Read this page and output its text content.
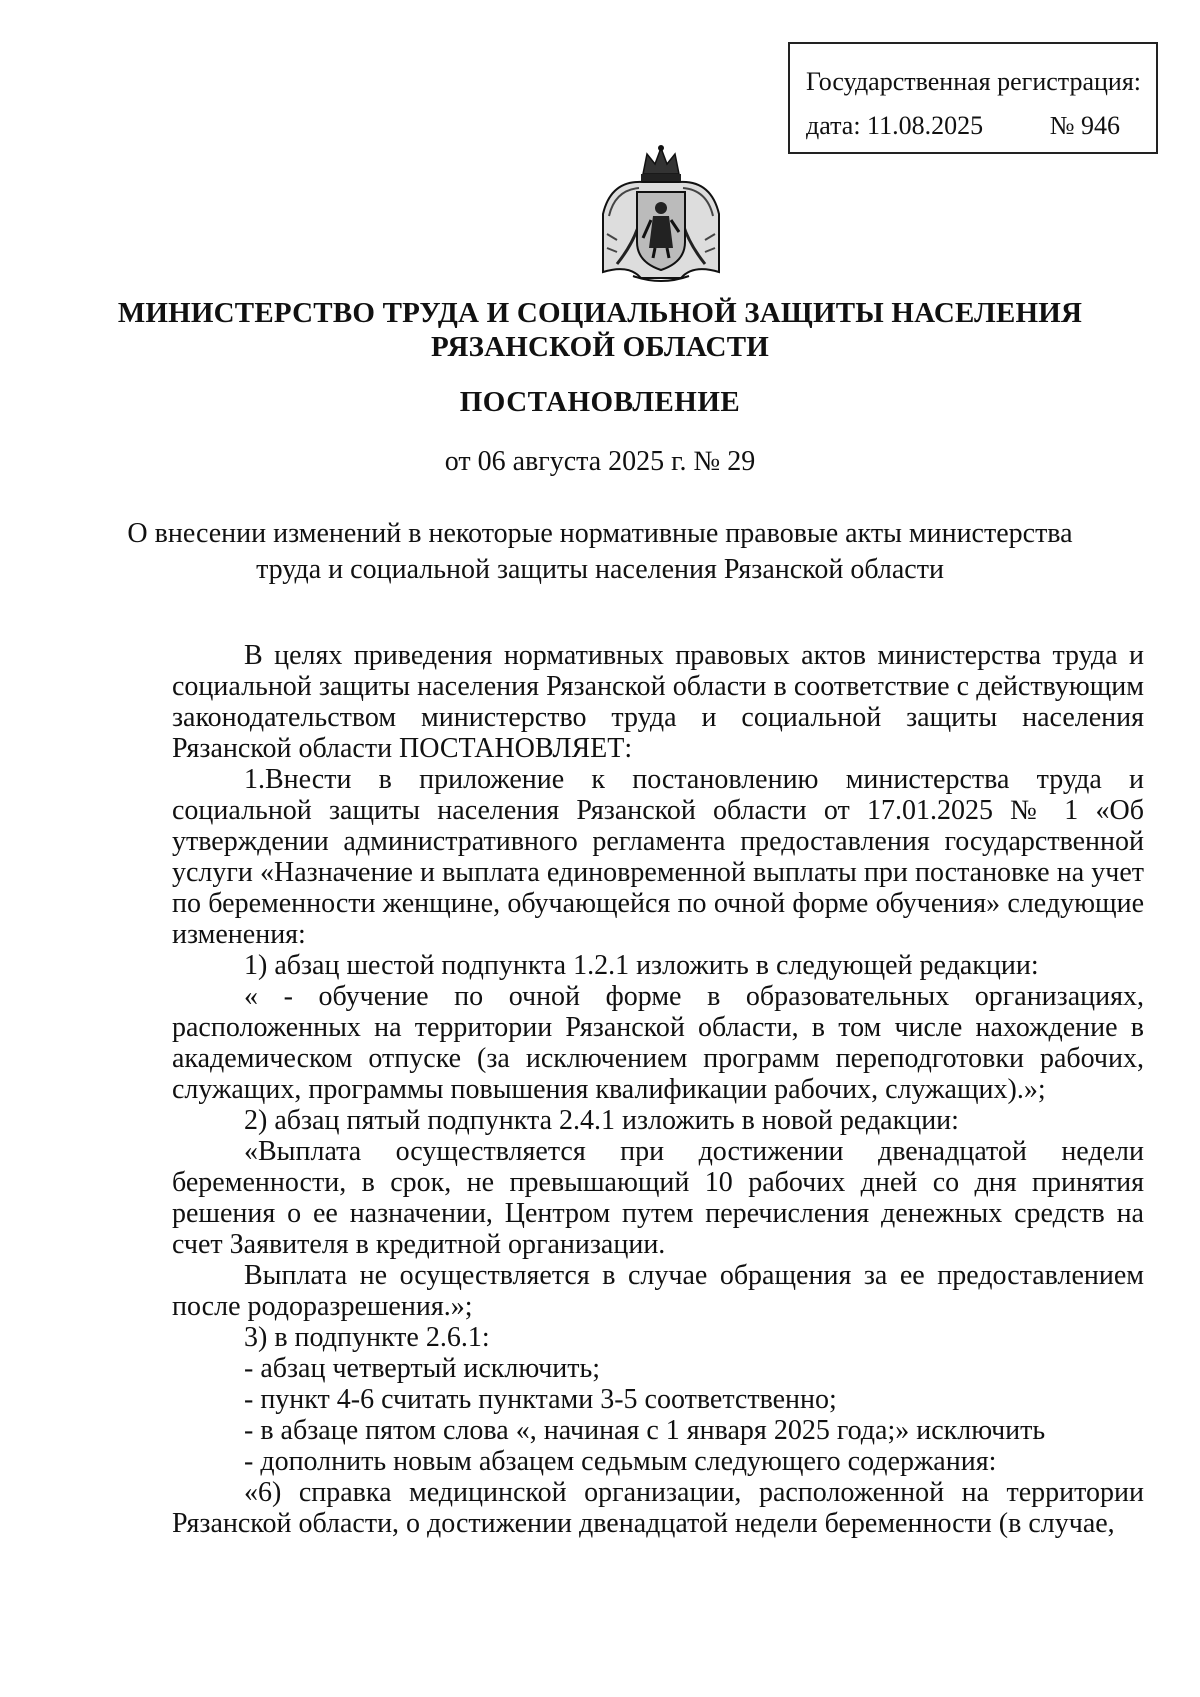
Государственная регистрация:
дата: 11.08.2025	№ 946
МИНИСТЕРСТВО ТРУДА И СОЦИАЛЬНОЙ ЗАЩИТЫ НАСЕЛЕНИЯ
РЯЗАНСКОЙ ОБЛАСТИ
ПОСТАНОВЛЕНИЕ
от 06 августа 2025 г. № 29
О внесении изменений в некоторые нормативные правовые акты министерства
труда и социальной защиты населения Рязанской области

В целях приведения нормативных правовых актов министерства труда и социальной защиты населения Рязанской области в соответствие с действующим законодательством министерство труда и социальной защиты населения Рязанской области ПОСТАНОВЛЯЕТ:

1.Внести в приложение к постановлению министерства труда и социальной защиты населения Рязанской области от 17.01.2025 № 1 «Об утверждении административного регламента предоставления государственной услуги «Назначение и выплата единовременной выплаты при постановке на учет по беременности женщине, обучающейся по очной форме обучения» следующие изменения:

1) абзац шестой подпункта 1.2.1 изложить в следующей редакции:

« - обучение по очной форме в образовательных организациях, расположенных на территории Рязанской области, в том числе нахождение в академическом отпуске (за исключением программ переподготовки рабочих, служащих, программы повышения квалификации рабочих, служащих).»;

2) абзац пятый подпункта 2.4.1 изложить в новой редакции:

«Выплата осуществляется при достижении двенадцатой недели беременности, в срок, не превышающий 10 рабочих дней со дня принятия решения о ее назначении, Центром путем перечисления денежных средств на счет Заявителя в кредитной организации.

Выплата не осуществляется в случае обращения за ее предоставлением после родоразрешения.»;

3) в подпункте 2.6.1:

- абзац четвертый исключить;

- пункт 4-6 считать пунктами 3-5 соответственно;

- в абзаце пятом слова «, начиная с 1 января 2025 года;» исключить

- дополнить новым абзацем седьмым следующего содержания:

«6) справка медицинской организации, расположенной на территории Рязанской области, о достижении двенадцатой недели беременности (в случае,
